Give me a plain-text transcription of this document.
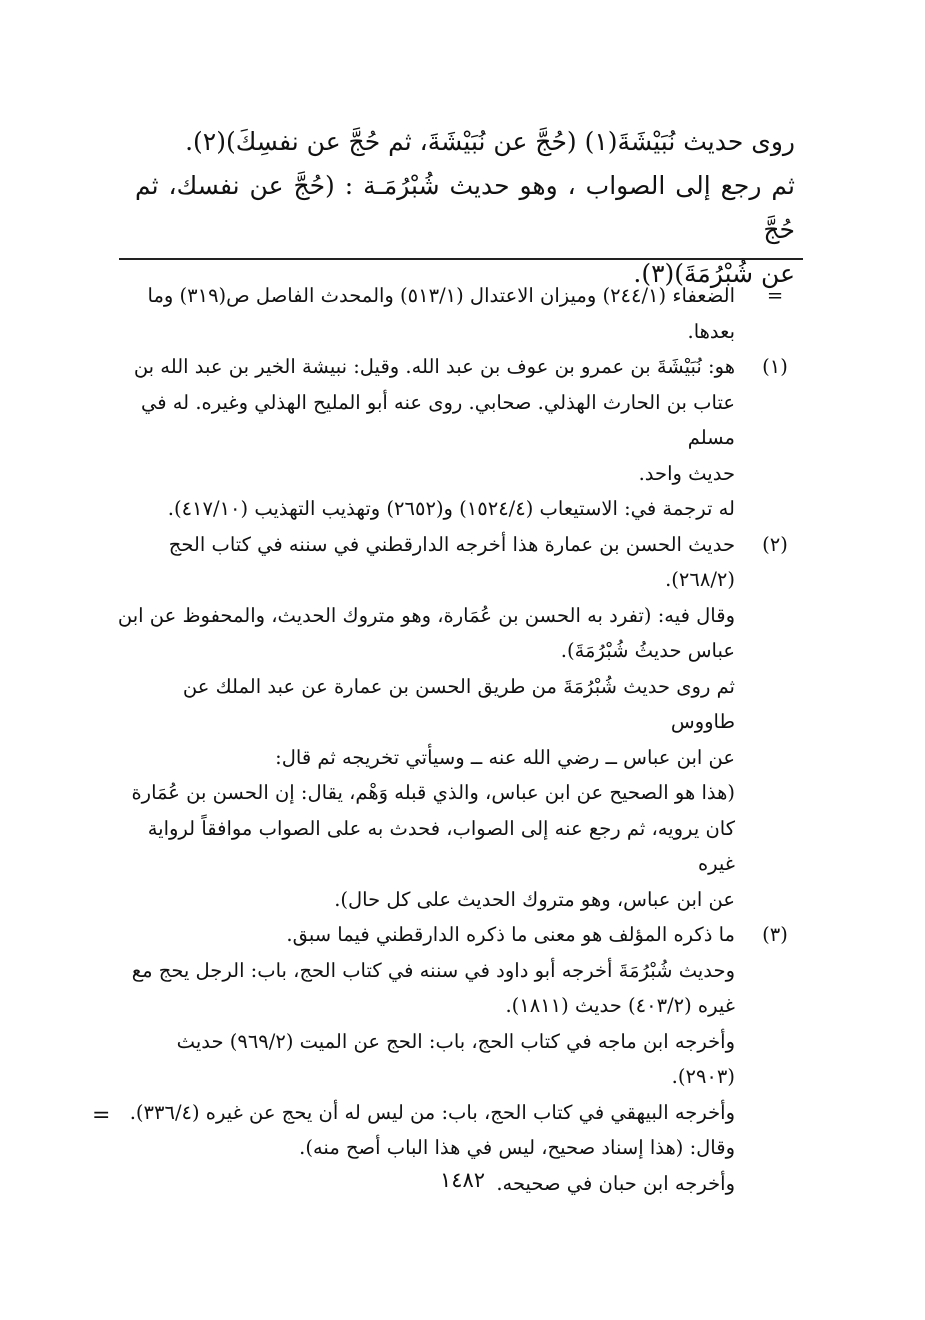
روى حديث نُبَيْشَةَ(١) (حُجَّ عن نُبَيْشَةَ، ثم حُجَّ عن نفسِكَ)(٢).

ثم رجع إلى الصواب ، وهو حديث شُبْرُمَـة : (حُجَّ عن نفسك، ثم حُجَّ

عن شُبْرُمَةَ)(٣).

=
الضعفاء (٢٤٤/١) وميزان الاعتدال (٥١٣/١) والمحدث الفاصل ص(٣١٩) وما
بعدها.
(١)
هو: نُبَيْشَةَ بن عمرو بن عوف بن عبد الله. وقيل: نبيشة الخير بن عبد الله بن
عتاب بن الحارث الهذلي. صحابي. روى عنه أبو المليح الهذلي وغيره. له في مسلم
حديث واحد.
له ترجمة في: الاستيعاب (١٥٢٤/٤) و(٢٦٥٢) وتهذيب التهذيب (٤١٧/١٠).
(٢)
حديث الحسن بن عمارة هذا أخرجه الدارقطني في سننه في كتاب الحج
(٢٦٨/٢).
وقال فيه: (تفرد به الحسن بن عُمَارة، وهو متروك الحديث، والمحفوظ عن ابن
عباس حديثُ شُبْرُمَةَ).
ثم روى حديث شُبْرُمَةَ من طريق الحسن بن عمارة عن عبد الملك عن طاووس
عن ابن عباس ــ رضي الله عنه ــ وسيأتي تخريجه ثم قال:
(هذا هو الصحيح عن ابن عباس، والذي قبله وَهْم، يقال: إن الحسن بن عُمَارة
كان يرويه، ثم رجع عنه إلى الصواب، فحدث به على الصواب موافقاً لرواية غيره
عن ابن عباس، وهو متروك الحديث على كل حال).
(٣)
ما ذكره المؤلف هو معنى ما ذكره الدارقطني فيما سبق.
وحديث شُبْرُمَةَ أخرجه أبو داود في سننه في كتاب الحج، باب: الرجل يحج مع
غيره (٤٠٣/٢) حديث (١٨١١).
وأخرجه ابن ماجه في كتاب الحج، باب: الحج عن الميت (٩٦٩/٢) حديث
(٢٩٠٣).
وأخرجه البيهقي في كتاب الحج، باب: من ليس له أن يحج عن غيره (٣٣٦/٤).
وقال: (هذا إسناد صحيح، ليس في هذا الباب أصح منه).
وأخرجه ابن حبان في صحيحه.
=
١٤٨٢
